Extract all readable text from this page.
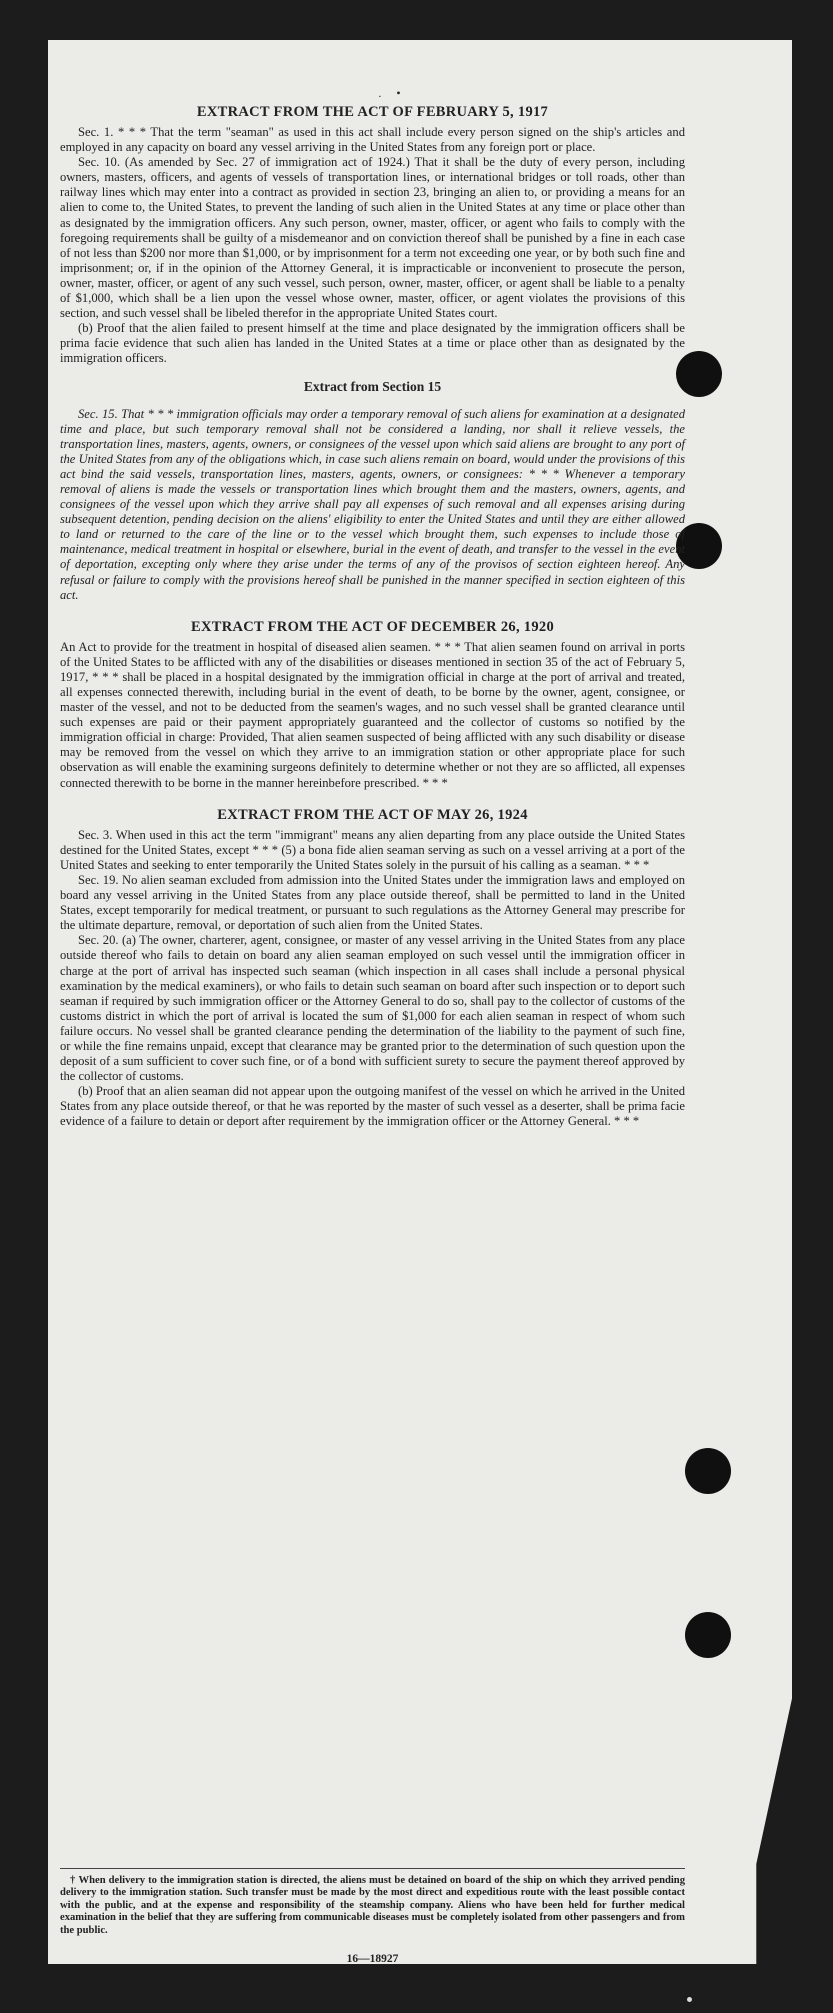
. •
EXTRACT FROM THE ACT OF FEBRUARY 5, 1917

Sec. 1. * * * That the term "seaman" as used in this act shall include every person signed on the ship's articles and employed in any capacity on board any vessel arriving in the United States from any foreign port or place.

Sec. 10. (As amended by Sec. 27 of immigration act of 1924.) That it shall be the duty of every person, including owners, masters, officers, and agents of vessels of transportation lines, or international bridges or toll roads, other than railway lines which may enter into a contract as provided in section 23, bringing an alien to, or providing a means for an alien to come to, the United States, to prevent the landing of such alien in the United States at any time or place other than as designated by the immigration officers. Any such person, owner, master, officer, or agent who fails to comply with the foregoing requirements shall be guilty of a misdemeanor and on conviction thereof shall be punished by a fine in each case of not less than $200 nor more than $1,000, or by imprisonment for a term not exceeding one year, or by both such fine and imprisonment; or, if in the opinion of the Attorney General, it is impracticable or inconvenient to prosecute the person, owner, master, officer, or agent of any such vessel, such person, owner, master, officer, or agent shall be liable to a penalty of $1,000, which shall be a lien upon the vessel whose owner, master, officer, or agent violates the provisions of this section, and such vessel shall be libeled therefor in the appropriate United States court.

(b) Proof that the alien failed to present himself at the time and place designated by the immigration officers shall be prima facie evidence that such alien has landed in the United States at a time or place other than as designated by the immigration officers.

Extract from Section 15

Sec. 15. That * * * immigration officials may order a temporary removal of such aliens for examination at a designated time and place, but such temporary removal shall not be considered a landing, nor shall it relieve vessels, the transportation lines, masters, agents, owners, or consignees of the vessel upon which said aliens are brought to any port of the United States from any of the obligations which, in case such aliens remain on board, would under the provisions of this act bind the said vessels, transportation lines, masters, agents, owners, or consignees: * * * Whenever a temporary removal of aliens is made the vessels or transportation lines which brought them and the masters, owners, agents, and consignees of the vessel upon which they arrive shall pay all expenses of such removal and all expenses arising during subsequent detention, pending decision on the aliens' eligibility to enter the United States and until they are either allowed to land or returned to the care of the line or to the vessel which brought them, such expenses to include those of maintenance, medical treatment in hospital or elsewhere, burial in the event of death, and transfer to the vessel in the event of deportation, excepting only where they arise under the terms of any of the provisos of section eighteen hereof. Any refusal or failure to comply with the provisions hereof shall be punished in the manner specified in section eighteen of this act.

EXTRACT FROM THE ACT OF DECEMBER 26, 1920

An Act to provide for the treatment in hospital of diseased alien seamen. * * * That alien seamen found on arrival in ports of the United States to be afflicted with any of the disabilities or diseases mentioned in section 35 of the act of February 5, 1917, * * * shall be placed in a hospital designated by the immigration official in charge at the port of arrival and treated, all expenses connected therewith, including burial in the event of death, to be borne by the owner, agent, consignee, or master of the vessel, and not to be deducted from the seamen's wages, and no such vessel shall be granted clearance until such expenses are paid or their payment appropriately guaranteed and the collector of customs so notified by the immigration official in charge: Provided, That alien seamen suspected of being afflicted with any such disability or disease may be removed from the vessel on which they arrive to an immigration station or other appropriate place for such observation as will enable the examining surgeons definitely to determine whether or not they are so afflicted, all expenses connected therewith to be borne in the manner hereinbefore prescribed. * * *

EXTRACT FROM THE ACT OF MAY 26, 1924

Sec. 3. When used in this act the term "immigrant" means any alien departing from any place outside the United States destined for the United States, except * * * (5) a bona fide alien seaman serving as such on a vessel arriving at a port of the United States and seeking to enter temporarily the United States solely in the pursuit of his calling as a seaman. * * *

Sec. 19. No alien seaman excluded from admission into the United States under the immigration laws and employed on board any vessel arriving in the United States from any place outside thereof, shall be permitted to land in the United States, except temporarily for medical treatment, or pursuant to such regulations as the Attorney General may prescribe for the ultimate departure, removal, or deportation of such alien from the United States.

Sec. 20. (a) The owner, charterer, agent, consignee, or master of any vessel arriving in the United States from any place outside thereof who fails to detain on board any alien seaman employed on such vessel until the immigration officer in charge at the port of arrival has inspected such seaman (which inspection in all cases shall include a personal physical examination by the medical examiners), or who fails to detain such seaman on board after such inspection or to deport such seaman if required by such immigration officer or the Attorney General to do so, shall pay to the collector of customs of the customs district in which the port of arrival is located the sum of $1,000 for each alien seaman in respect of whom such failure occurs. No vessel shall be granted clearance pending the determination of the liability to the payment of such fine, or while the fine remains unpaid, except that clearance may be granted prior to the determination of such question upon the deposit of a sum sufficient to cover such fine, or of a bond with sufficient surety to secure the payment thereof approved by the collector of customs.

(b) Proof that an alien seaman did not appear upon the outgoing manifest of the vessel on which he arrived in the United States from any place outside thereof, or that he was reported by the master of such vessel as a deserter, shall be prima facie evidence of a failure to detain or deport after requirement by the immigration officer or the Attorney General. * * *

† When delivery to the immigration station is directed, the aliens must be detained on board of the ship on which they arrived pending delivery to the immigration station. Such transfer must be made by the most direct and expeditious route with the least possible contact with the public, and at the expense and responsibility of the steamship company. Aliens who have been held for further medical examination in the belief that they are suffering from communicable diseases must be completely isolated from other passengers and from the public.

16—18927
